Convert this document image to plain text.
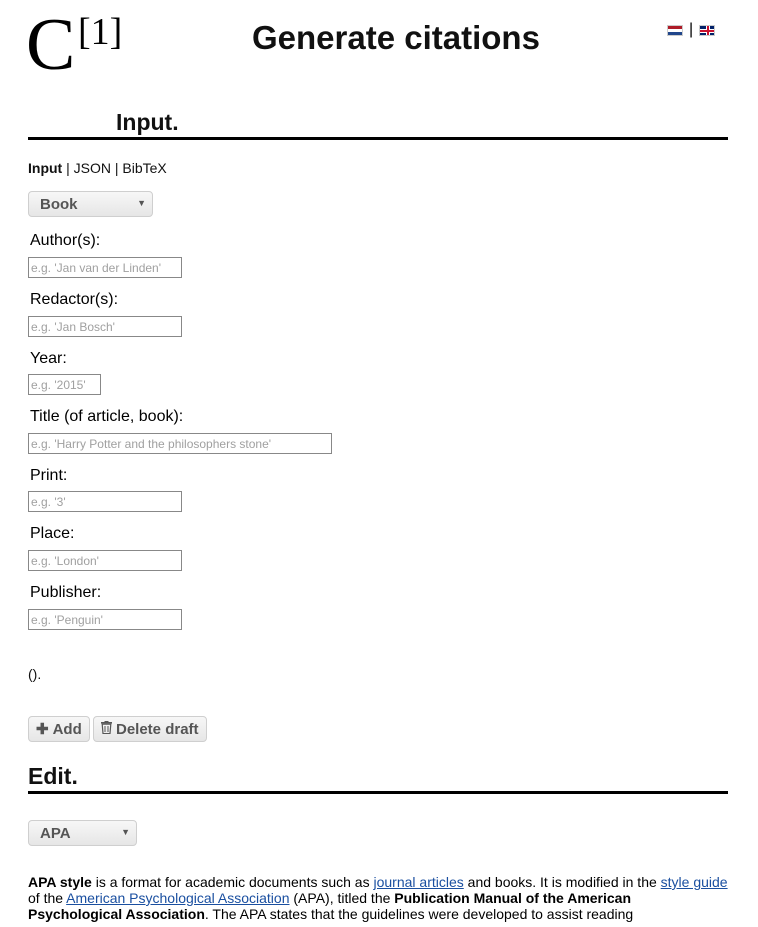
C [1]	Generate citations	|
Input.
Input | JSON | BibTeX
Book	▼
Author(s):
e.g. 'Jan van der Linden'
Redactor(s):
e.g. 'Jan Bosch'
Year:
e.g. '2015'
Title (of article, book):
e.g. 'Harry Potter and the philosophers stone'
Print:
e.g. '3'
Place:
e.g. 'London'
Publisher:
e.g. 'Penguin'
().
✚ Add Delete draft
Edit.
APA	▼

APA style is a format for academic documents such as journal articles and books. It is modified in the style guide of the American Psychological Association (APA), titled the Publication Manual of the American Psychological Association. The APA states that the guidelines were developed to assist reading
